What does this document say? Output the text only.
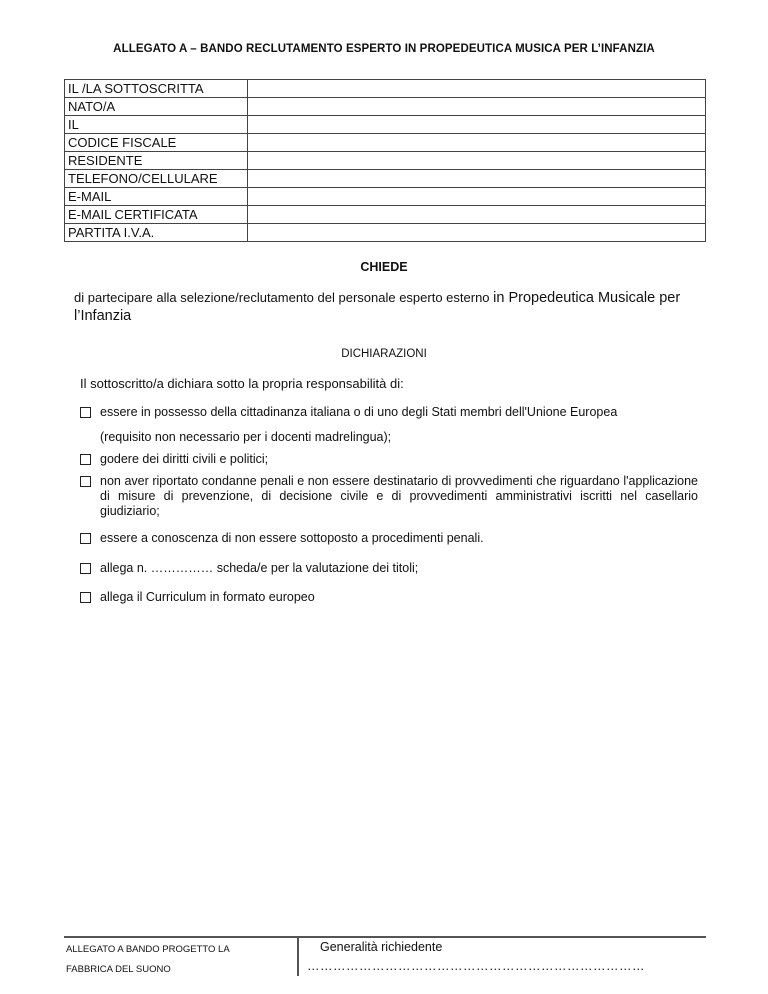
ALLEGATO A – BANDO RECLUTAMENTO ESPERTO IN PROPEDEUTICA MUSICA PER L’INFANZIA
IL /LA SOTTOSCRITTA	
NATO/A	
IL	
CODICE FISCALE	
RESIDENTE	
TELEFONO/CELLULARE	
E-MAIL	
E-MAIL CERTIFICATA	
PARTITA I.V.A.	
CHIEDE
di partecipare alla selezione/reclutamento del personale esperto esterno in Propedeutica Musicale per l’Infanzia
DICHIARAZIONI
Il sottoscritto/a dichiara sotto la propria responsabilità di:
essere in possesso della cittadinanza italiana o di uno degli Stati membri dell'Unione Europea
(requisito non necessario per i docenti madrelingua);
godere dei diritti civili e politici;
non aver riportato condanne penali e non essere destinatario di provvedimenti che riguardano l'applicazione di misure di prevenzione, di decisione civile e di provvedimenti amministrativi iscritti nel casellario giudiziario;
essere a conoscenza di non essere sottoposto a procedimenti penali.
allega n. …………… scheda/e per la valutazione dei titoli;
allega il Curriculum in formato europeo
ALLEGATO A BANDO PROGETTO LA
FABBRICA DEL SUONO
Generalità richiedente
……………………………………………………………………
